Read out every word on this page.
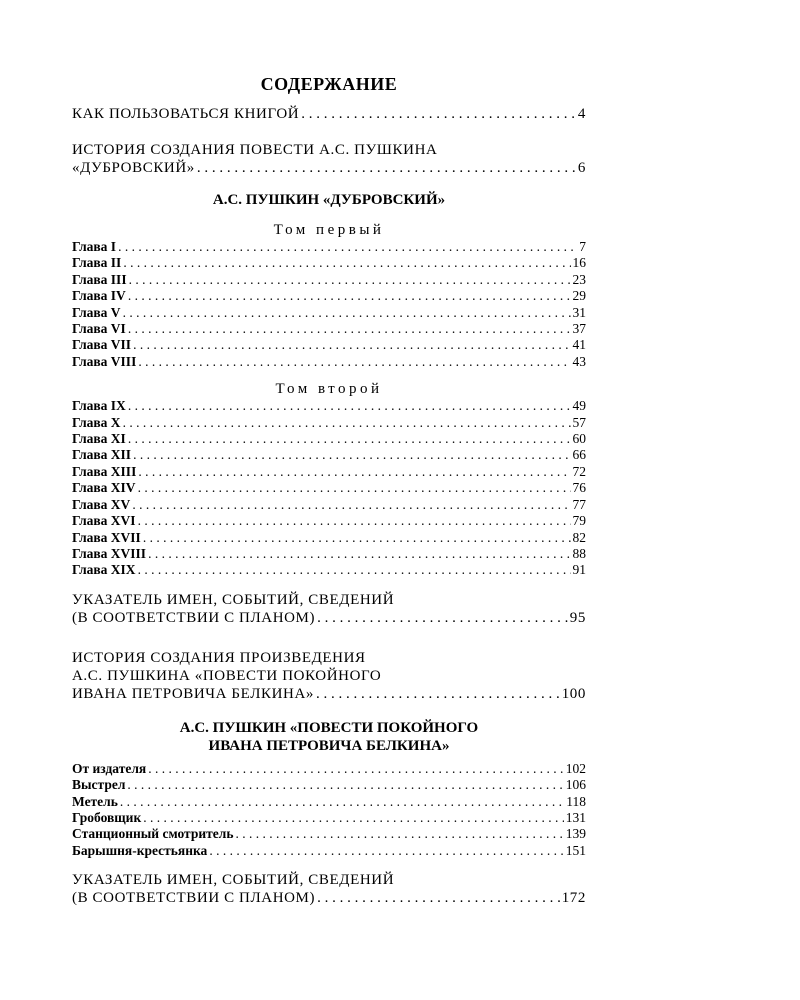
СОДЕРЖАНИЕ
КАК ПОЛЬЗОВАТЬСЯ КНИГОЙ . . .	4
ИСТОРИЯ СОЗДАНИЯ ПОВЕСТИ А.С. ПУШКИНА
«ДУБРОВСКИЙ» . . .	6
А.С. ПУШКИН «ДУБРОВСКИЙ»
Том первый
Глава I . . .	7
Глава II . . .	16
Глава III . . .	23
Глава IV . . .	29
Глава V . . .	31
Глава VI . . .	37
Глава VII . . .	41
Глава VIII . . .	43
Том второй
Глава IX . . .	49
Глава X . . .	57
Глава XI . . .	60
Глава XII . . .	66
Глава XIII . . .	72
Глава XIV . . .	76
Глава XV . . .	77
Глава XVI . . .	79
Глава XVII . . .	82
Глава XVIII . . .	88
Глава XIX . . .	91
УКАЗАТЕЛЬ ИМЕН, СОБЫТИЙ, СВЕДЕНИЙ
(В СООТВЕТСТВИИ С ПЛАНОМ) . . .	95
ИСТОРИЯ СОЗДАНИЯ ПРОИЗВЕДЕНИЯ
А.С. ПУШКИНА «ПОВЕСТИ ПОКОЙНОГО
ИВАНА ПЕТРОВИЧА БЕЛКИНА» . . .	100
А.С. ПУШКИН «ПОВЕСТИ ПОКОЙНОГО
ИВАНА ПЕТРОВИЧА БЕЛКИНА»
От издателя . . .	102
Выстрел . . .	106
Метель . . .	118
Гробовщик . . .	131
Станционный смотритель . . .	139
Барышня-крестьянка . . .	151
УКАЗАТЕЛЬ ИМЕН, СОБЫТИЙ, СВЕДЕНИЙ
(В СООТВЕТСТВИИ С ПЛАНОМ) . . .	172
